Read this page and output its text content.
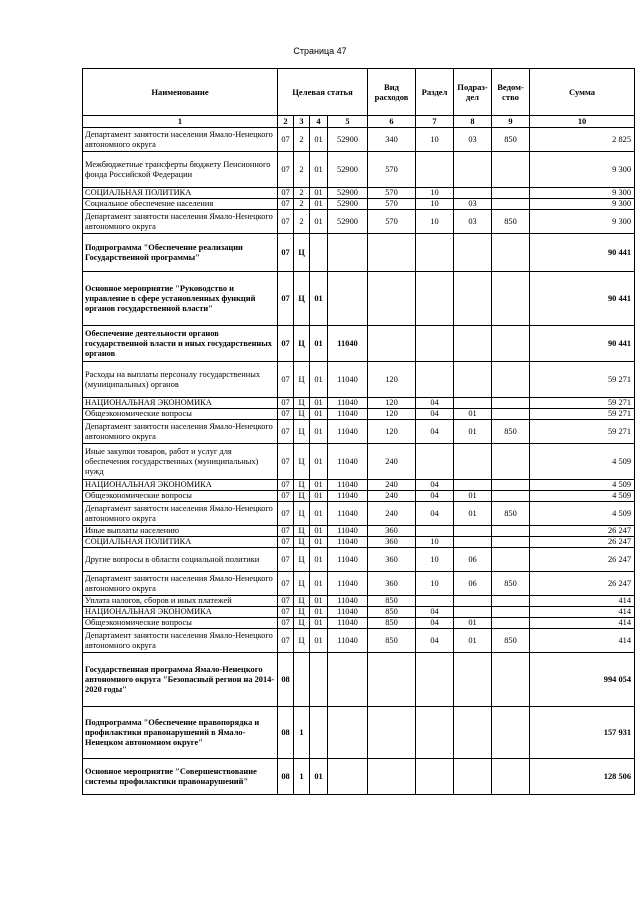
Страница 47
Наименование	Целевая статья				Вид расходов	Раздел	Подраз-дел	Ведом-ство	Сумма
1	2	3	4	5	6	7	8	9	10
Департамент занятости населения Ямало-Ненецкого автономного округа	07	2	01	52900	340	10	03	850	2 825
Межбюджетные трансферты бюджету Пенсионного фонда Российской Федерации	07	2	01	52900	570				9 300
СОЦИАЛЬНАЯ ПОЛИТИКА	07	2	01	52900	570	10			9 300
Социальное обеспечение населения	07	2	01	52900	570	10	03		9 300
Департамент занятости населения Ямало-Ненецкого автономного округа	07	2	01	52900	570	10	03	850	9 300
Подпрограмма "Обеспечение реализации Государственной программы"	07	Ц							90 441
Основное мероприятие "Руководство и управление в сфере установленных функций органов государственной власти"	07	Ц	01						90 441
Обеспечение деятельности органов государственной власти и иных государственных органов	07	Ц	01	11040					90 441
Расходы на выплаты персоналу государственных (муниципальных) органов	07	Ц	01	11040	120				59 271
НАЦИОНАЛЬНАЯ ЭКОНОМИКА	07	Ц	01	11040	120	04			59 271
Общеэкономические вопросы	07	Ц	01	11040	120	04	01		59 271
Департамент занятости населения Ямало-Ненецкого автономного округа	07	Ц	01	11040	120	04	01	850	59 271
Иные закупки товаров, работ и услуг для обеспечения государственных (муниципальных) нужд	07	Ц	01	11040	240				4 509
НАЦИОНАЛЬНАЯ ЭКОНОМИКА	07	Ц	01	11040	240	04			4 509
Общеэкономические вопросы	07	Ц	01	11040	240	04	01		4 509
Департамент занятости населения Ямало-Ненецкого автономного округа	07	Ц	01	11040	240	04	01	850	4 509
Иные выплаты населению	07	Ц	01	11040	360				26 247
СОЦИАЛЬНАЯ ПОЛИТИКА	07	Ц	01	11040	360	10			26 247
Другие вопросы в области социальной политики	07	Ц	01	11040	360	10	06		26 247
Департамент занятости населения Ямало-Ненецкого автономного округа	07	Ц	01	11040	360	10	06	850	26 247
Уплата налогов, сборов и иных платежей	07	Ц	01	11040	850				414
НАЦИОНАЛЬНАЯ ЭКОНОМИКА	07	Ц	01	11040	850	04			414
Общеэкономические вопросы	07	Ц	01	11040	850	04	01		414
Департамент занятости населения Ямало-Ненецкого автономного округа	07	Ц	01	11040	850	04	01	850	414
Государственная программа Ямало-Ненецкого автономного округа "Безопасный регион на 2014-2020 годы"	08								994 054
Подпрограмма "Обеспечение правопорядка и профилактики правонарушений в Ямало-Ненецком автономном округе"	08	1							157 931
Основное мероприятие "Совершенствование системы профилактики правонарушений"	08	1	01						128 506
